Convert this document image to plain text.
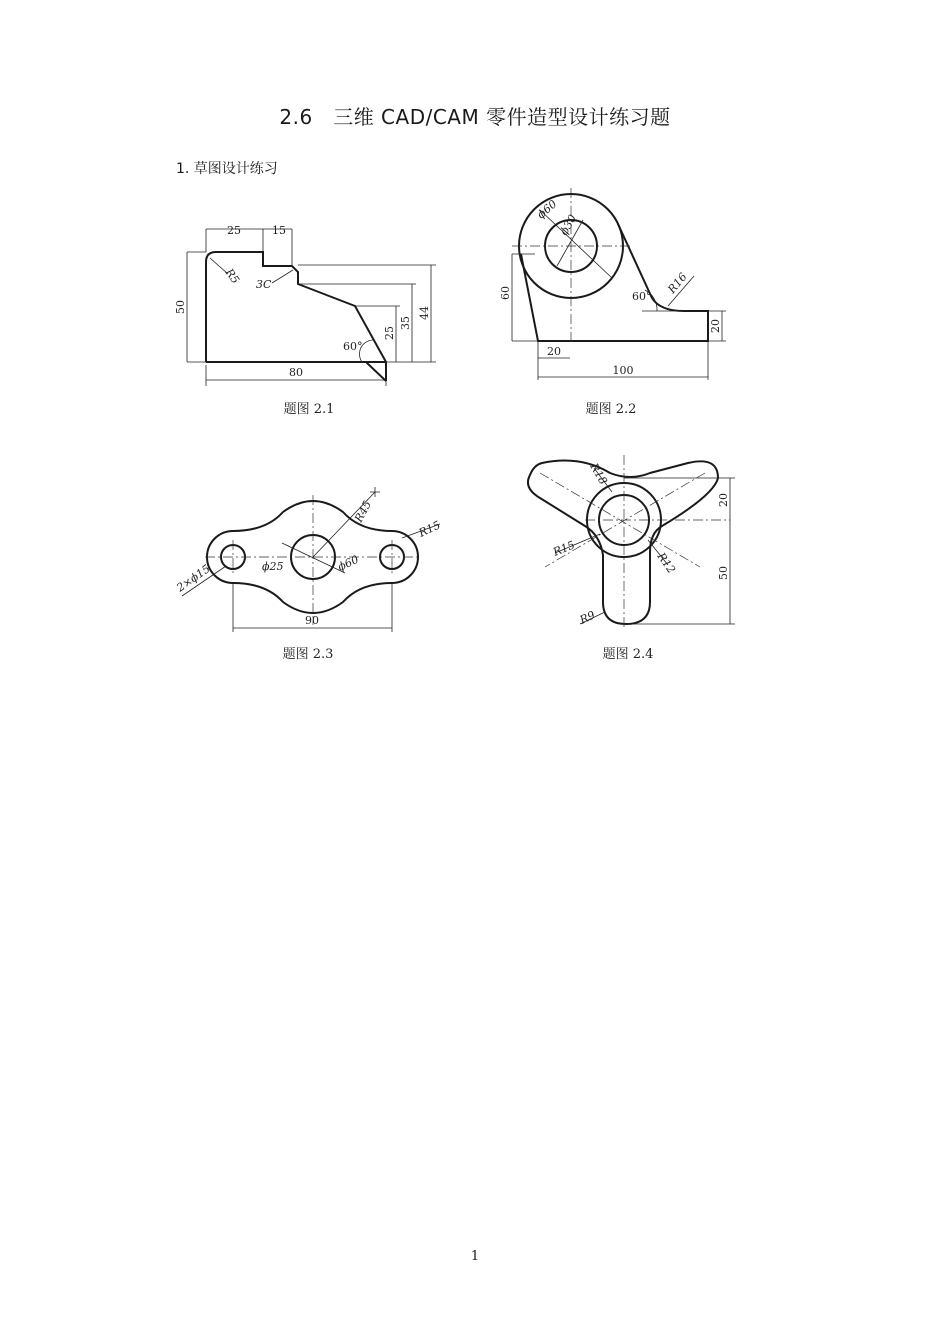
2.6　三维 CAD/CAM 零件造型设计练习题
1. 草图设计练习
25	15
R5 3C
50
35
44
25
60°
80
题图 2.1
ϕ60
ϕ30
R16
60°
60
20
20
100
题图 2.2
R45
R15
2×ϕ15	ϕ25	ϕ60
90
题图 2.3
R18
20
R15
R12	50
R9
题图 2.4
1
